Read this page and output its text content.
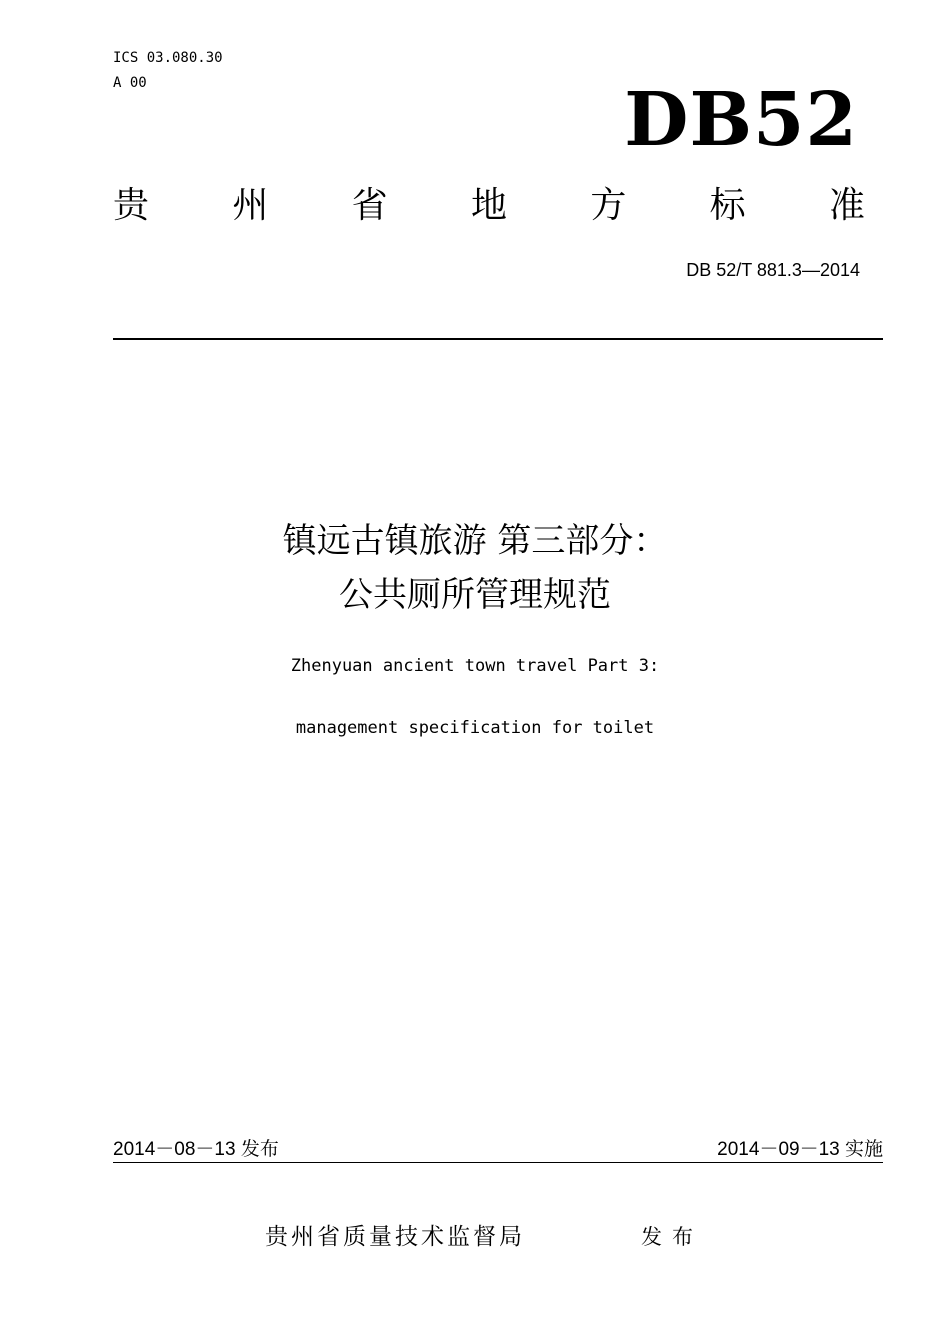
ICS 03.080.30
A 00	DB52
贵 州 省 地 方 标 准
DB 52/T 881.3—2014
镇远古镇旅游 第三部分：
公共厕所管理规范
Zhenyuan ancient town travel Part 3:
management specification for toilet
2014－08－13 发布	2014－09－13 实施
贵州省质量技术监督局	发布
